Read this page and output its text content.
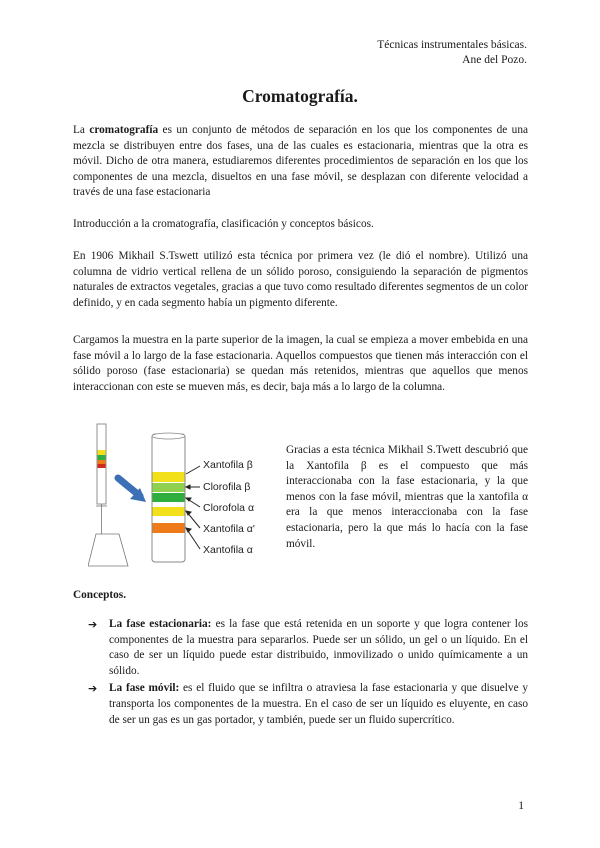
Técnicas instrumentales básicas.
Ane del Pozo.
Cromatografía.
La cromatografía es un conjunto de métodos de separación en los que los componentes de una mezcla se distribuyen entre dos fases, una de las cuales es estacionaria, mientras que la otra es móvil. Dicho de otra manera, estudiaremos diferentes procedimientos de separación en los que los componentes de una mezcla, disueltos en una fase móvil, se desplazan con diferente velocidad a través de una fase estacionaria
Introducción a la cromatografía, clasificación y conceptos básicos.
En 1906 Mikhail S.Tswett utilizó esta técnica por primera vez (le dió el nombre). Utilizó una columna de vidrio vertical rellena de un sólido poroso, consiguiendo la separación de pigmentos naturales de extractos vegetales, gracias a que tuvo como resultado diferentes segmentos de un color definido, y en cada segmento había un pigmento diferente.
Cargamos la muestra en la parte superior de la imagen, la cual se empieza a mover embebida en una fase móvil a lo largo de la fase estacionaria. Aquellos compuestos que tienen más interacción con el sólido poroso (fase estacionaria) se quedan más retenidos, mientras que aquellos que menos interaccionan con este se mueven más, es decir, baja más a lo largo de la columna.
Xantofila β
Clorofila β
Clorofola α
Xantofila α'
Xantofila α
Gracias a esta técnica Mikhail S.Twett descubrió que la Xantofila β es el compuesto que más interaccionaba con la fase estacionaria, y la que menos con la fase móvil, mientras que la xantofila α era la que menos interaccionaba con la fase estacionaria, pero la que más lo hacía con la fase móvil.
Conceptos.
➔ La fase estacionaria: es la fase que está retenida en un soporte y que logra contener los componentes de la muestra para separarlos. Puede ser un sólido, un gel o un líquido. En el caso de ser un líquido puede estar distribuido, inmovilizado o unido químicamente a un sólido.
➔ La fase móvil: es el fluido que se infiltra o atraviesa la fase estacionaria y que disuelve y transporta los componentes de la muestra. En el caso de ser un líquido es eluyente, en caso de ser un gas es un gas portador, y también, puede ser un fluido supercrítico.
1
